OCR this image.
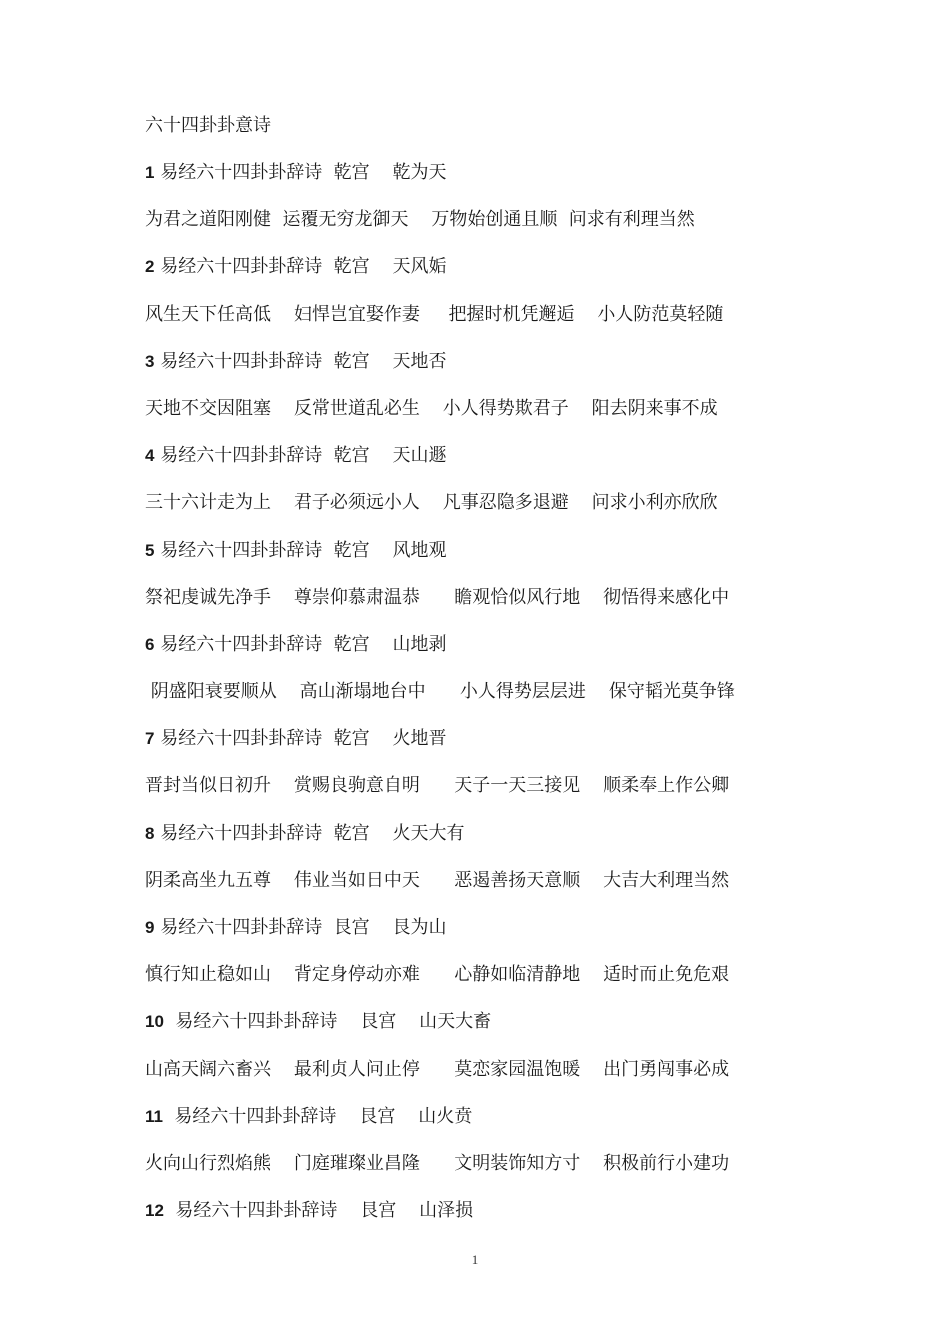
六十四卦卦意诗
1 易经六十四卦卦辞诗  乾宫    乾为天
为君之道阳刚健  运覆无穷龙御天    万物始创通且顺  问求有利理当然
2 易经六十四卦卦辞诗  乾宫    天风姤
风生天下任高低    妇悍岂宜娶作妻     把握时机凭邂逅    小人防范莫轻随
3 易经六十四卦卦辞诗  乾宫    天地否
天地不交因阻塞    反常世道乱必生    小人得势欺君子    阳去阴来事不成
4 易经六十四卦卦辞诗  乾宫    天山遯
三十六计走为上    君子必须远小人    凡事忍隐多退避    问求小利亦欣欣
5 易经六十四卦卦辞诗  乾宫    风地观
祭祀虔诚先净手    尊崇仰慕肃温恭      瞻观恰似风行地    彻悟得来感化中
6 易经六十四卦卦辞诗  乾宫    山地剥
阴盛阳衰要顺从    高山渐塌地台中      小人得势层层进    保守韬光莫争锋
7 易经六十四卦卦辞诗  乾宫    火地晋
晋封当似日初升    赏赐良驹意自明      天子一天三接见    顺柔奉上作公卿
8 易经六十四卦卦辞诗  乾宫    火天大有
阴柔高坐九五尊    伟业当如日中天      恶遏善扬天意顺    大吉大利理当然
9 易经六十四卦卦辞诗  艮宫    艮为山
慎行知止稳如山    背定身停动亦难      心静如临清静地    适时而止免危艰
10  易经六十四卦卦辞诗    艮宫    山天大畜
山高天阔六畜兴    最利贞人问止停      莫恋家园温饱暖    出门勇闯事必成
11  易经六十四卦卦辞诗    艮宫    山火贲
火向山行烈焰熊    门庭璀璨业昌隆      文明装饰知方寸    积极前行小建功
12  易经六十四卦卦辞诗    艮宫    山泽损
1
